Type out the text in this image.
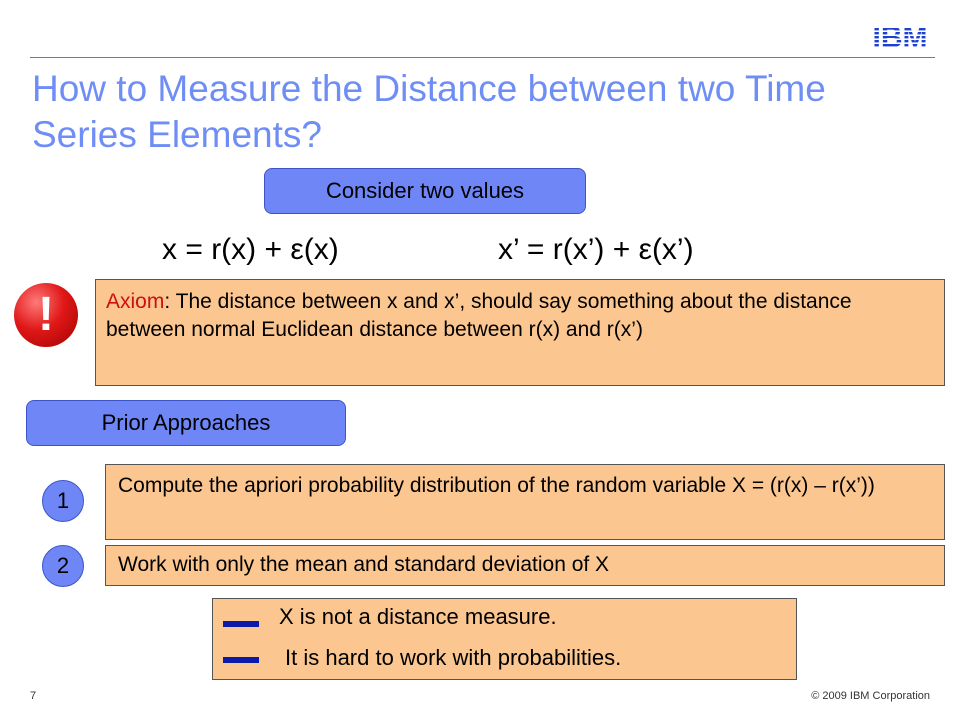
How to Measure the Distance between two Time Series Elements?
Consider two values
x = r(x) + ε(x)	x’ = r(x’) + ε(x’)
!	Axiom: The distance between x and x’, should say something about the distance between normal Euclidean distance between r(x) and r(x’)
Prior Approaches
1
Compute the apriori probability distribution of the random variable X = (r(x) – r(x’))
2	Work with only the mean and standard deviation of X
X is not a distance measure.
It is hard to work with probabilities.
7	© 2009 IBM Corporation
